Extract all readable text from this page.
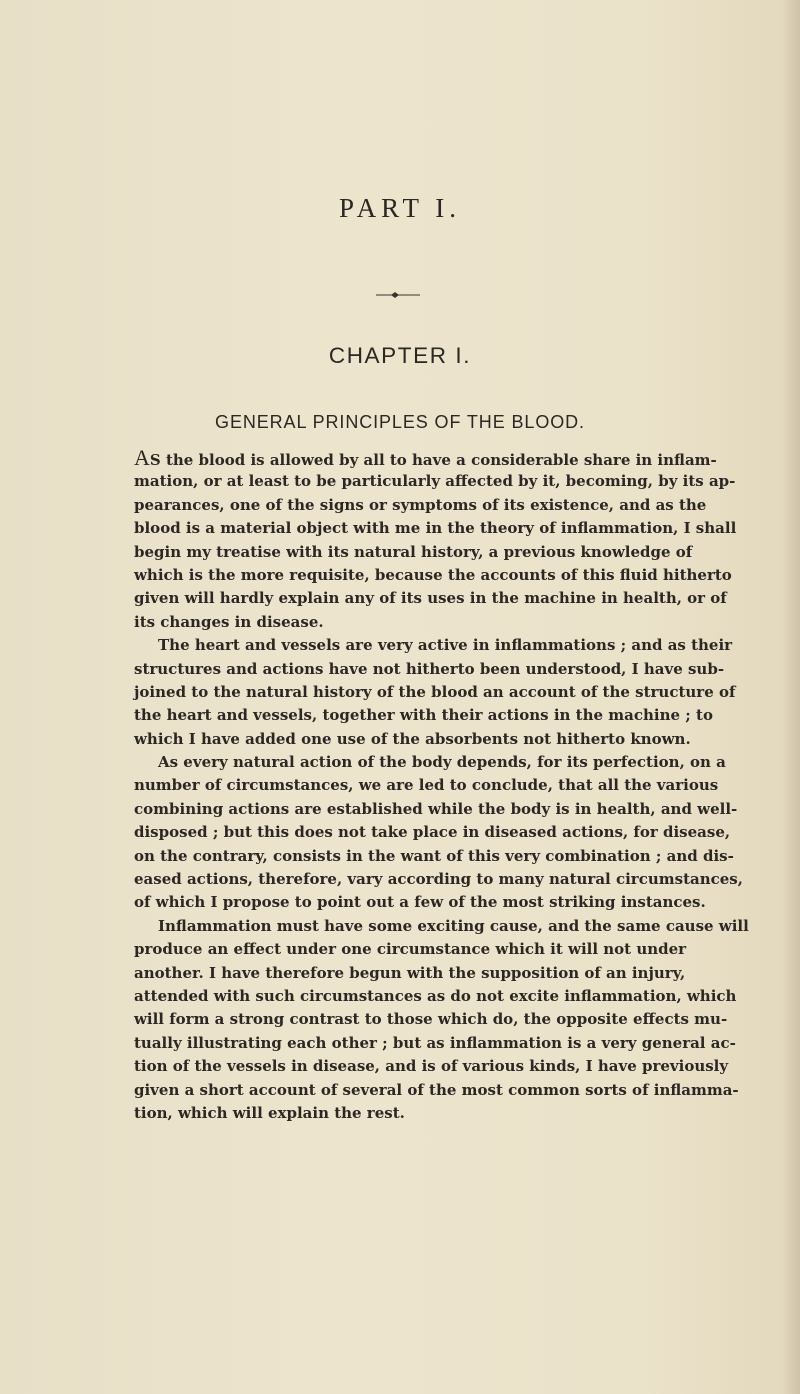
PART I.
CHAPTER I.
GENERAL PRINCIPLES OF THE BLOOD.
AS the blood is allowed by all to have a considerable share in inflam-
mation, or at least to be particularly affected by it, becoming, by its ap-
pearances, one of the signs or symptoms of its existence, and as the
blood is a material object with me in the theory of inflammation, I shall
begin my treatise with its natural history, a previous knowledge of
which is the more requisite, because the accounts of this fluid hitherto
given will hardly explain any of its uses in the machine in health, or of
its changes in disease.
The heart and vessels are very active in inflammations ; and as their
structures and actions have not hitherto been understood, I have sub-
joined to the natural history of the blood an account of the structure of
the heart and vessels, together with their actions in the machine ; to
which I have added one use of the absorbents not hitherto known.
As every natural action of the body depends, for its perfection, on a
number of circumstances, we are led to conclude, that all the various
combining actions are established while the body is in health, and well-
disposed ; but this does not take place in diseased actions, for disease,
on the contrary, consists in the want of this very combination ; and dis-
eased actions, therefore, vary according to many natural circumstances,
of which I propose to point out a few of the most striking instances.
Inflammation must have some exciting cause, and the same cause will
produce an effect under one circumstance which it will not under
another. I have therefore begun with the supposition of an injury,
attended with such circumstances as do not excite inflammation, which
will form a strong contrast to those which do, the opposite effects mu-
tually illustrating each other ; but as inflammation is a very general ac-
tion of the vessels in disease, and is of various kinds, I have previously
given a short account of several of the most common sorts of inflamma-
tion, which will explain the rest.
